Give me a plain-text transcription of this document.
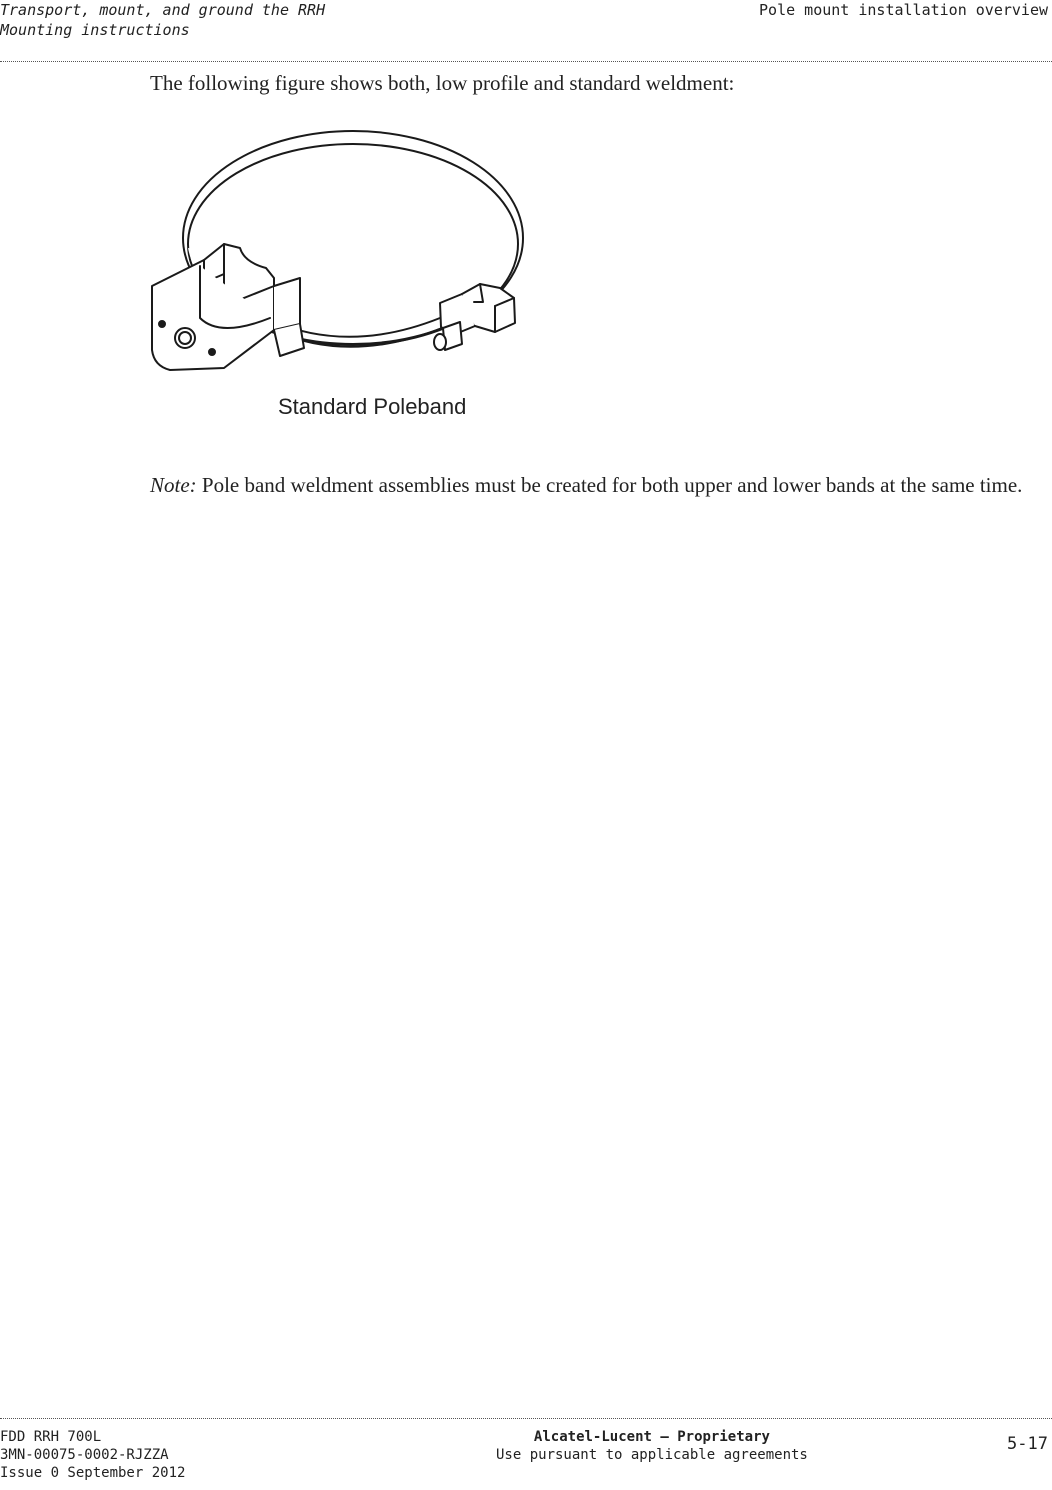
Transport, mount, and ground the RRH
Mounting instructions
Pole mount installation overview
The following figure shows both, low profile and standard weldment:
Standard Poleband
Note: Pole band weldment assemblies must be created for both upper and lower bands at the same time.
FDD RRH 700L
3MN-00075-0002-RJZZA
Issue 0 September 2012
Alcatel-Lucent – Proprietary
Use pursuant to applicable agreements
5-17
